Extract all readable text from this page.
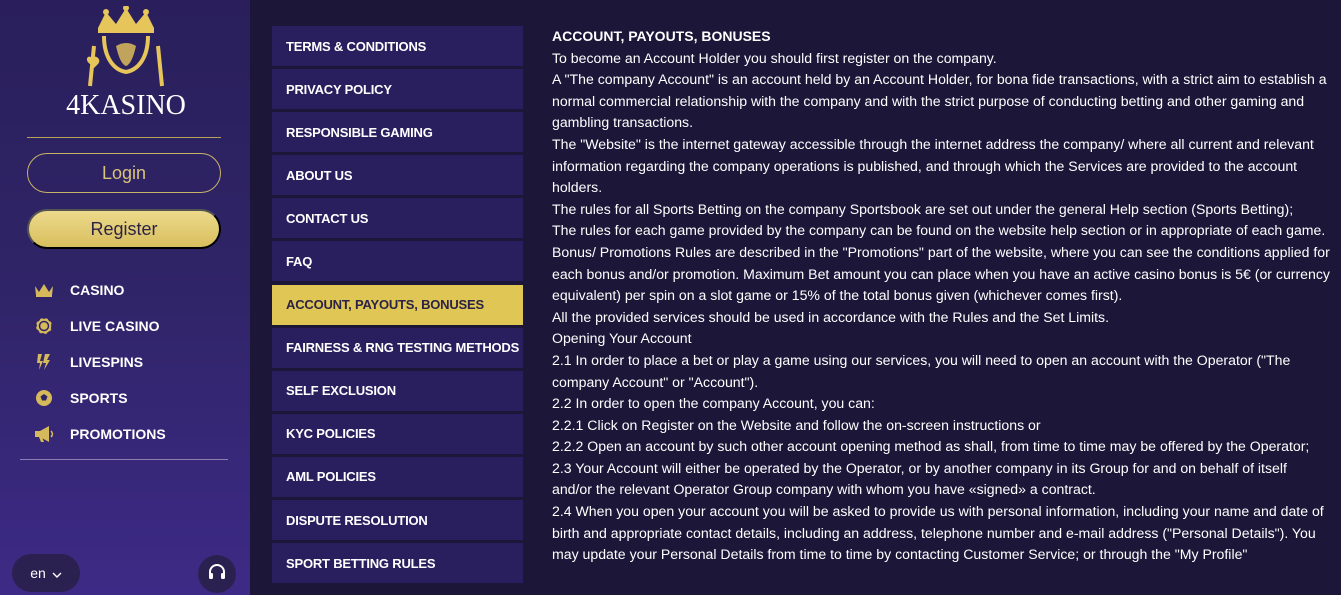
4KASINO
Login
Register
CASINO
LIVE CASINO
LIVESPINS
SPORTS
PROMOTIONS
en
TERMS & CONDITIONS
PRIVACY POLICY
RESPONSIBLE GAMING
ABOUT US
CONTACT US
FAQ
ACCOUNT, PAYOUTS, BONUSES
FAIRNESS & RNG TESTING METHODS
SELF EXCLUSION
KYC POLICIES
AML POLICIES
DISPUTE RESOLUTION
SPORT BETTING RULES
ACCOUNT, PAYOUTS, BONUSES

To become an Account Holder you should first register on the company.

A "The company Account" is an account held by an Account Holder, for bona fide transactions, with a strict aim to establish a normal commercial relationship with the company and with the strict purpose of conducting betting and other gaming and gambling transactions.

The "Website" is the internet gateway accessible through the internet address the company/ where all current and relevant information regarding the company operations is published, and through which the Services are provided to the account holders.

The rules for all Sports Betting on the company Sportsbook are set out under the general Help section (Sports Betting);

The rules for each game provided by the company can be found on the website help section or in appropriate of each game.

Bonus/ Promotions Rules are described in the "Promotions" part of the website, where you can see the conditions applied for each bonus and/or promotion. Maximum Bet amount you can place when you have an active casino bonus is 5€ (or currency equivalent) per spin on a slot game or 15% of the total bonus given (whichever comes first).

All the provided services should be used in accordance with the Rules and the Set Limits.

Opening Your Account

2.1 In order to place a bet or play a game using our services, you will need to open an account with the Operator ("The company Account" or "Account").

2.2 In order to open the company Account, you can:

2.2.1 Click on Register on the Website and follow the on-screen instructions or

2.2.2 Open an account by such other account opening method as shall, from time to time may be offered by the Operator;

2.3 Your Account will either be operated by the Operator, or by another company in its Group for and on behalf of itself and/or the relevant Operator Group company with whom you have «signed» a contract.

2.4 When you open your account you will be asked to provide us with personal information, including your name and date of birth and appropriate contact details, including an address, telephone number and e-mail address ("Personal Details"). You may update your Personal Details from time to time by contacting Customer Service; or through the "My Profile"
